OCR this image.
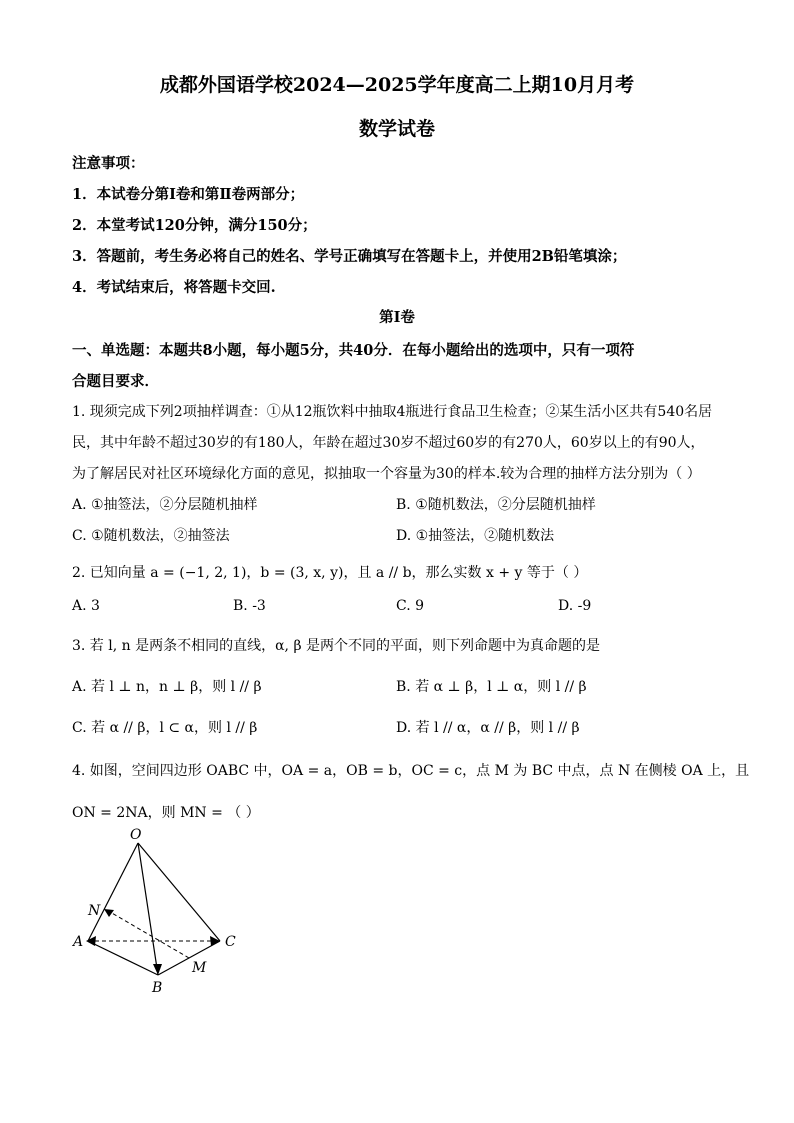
成都外国语学校2024—2025学年度高二上期10月月考
数学试卷
注意事项：
1．本试卷分第Ⅰ卷和第Ⅱ卷两部分；
2．本堂考试120分钟，满分150分；
3．答题前，考生务必将自己的姓名、学号正确填写在答题卡上，并使用2B铅笔填涂；
4．考试结束后，将答题卡交回.
第Ⅰ卷
一、单选题：本题共8小题，每小题5分，共40分．在每小题给出的选项中，只有一项符
合题目要求．
1. 现须完成下列2项抽样调查：①从12瓶饮料中抽取4瓶进行食品卫生检查；②某生活小区共有540名居
民，其中年龄不超过30岁的有180人，年龄在超过30岁不超过60岁的有270人，60岁以上的有90人，
为了解居民对社区环境绿化方面的意见，拟抽取一个容量为30的样本.较为合理的抽样方法分别为（ ）
A. ①抽签法，②分层随机抽样	B. ①随机数法，②分层随机抽样
C. ①随机数法，②抽签法	D. ①抽签法，②随机数法
2. 已知向量 a = (−1, 2, 1)，b = (3, x, y)，且 a // b，那么实数 x + y 等于（ ）
A. 3	B. -3	C. 9	D. -9
3. 若 l, n 是两条不相同的直线，α, β 是两个不同的平面，则下列命题中为真命题的是
A. 若 l ⊥ n，n ⊥ β，则 l // β	B. 若 α ⊥ β，l ⊥ α，则 l // β
C. 若 α // β，l ⊂ α，则 l // β	D. 若 l // α，α // β，则 l // β
4. 如图，空间四边形 OABC 中，OA = a，OB = b，OC = c，点 M 为 BC 中点，点 N 在侧棱 OA 上，且
ON = 2NA，则 MN = （ ）
O
N
A
B
C
M
